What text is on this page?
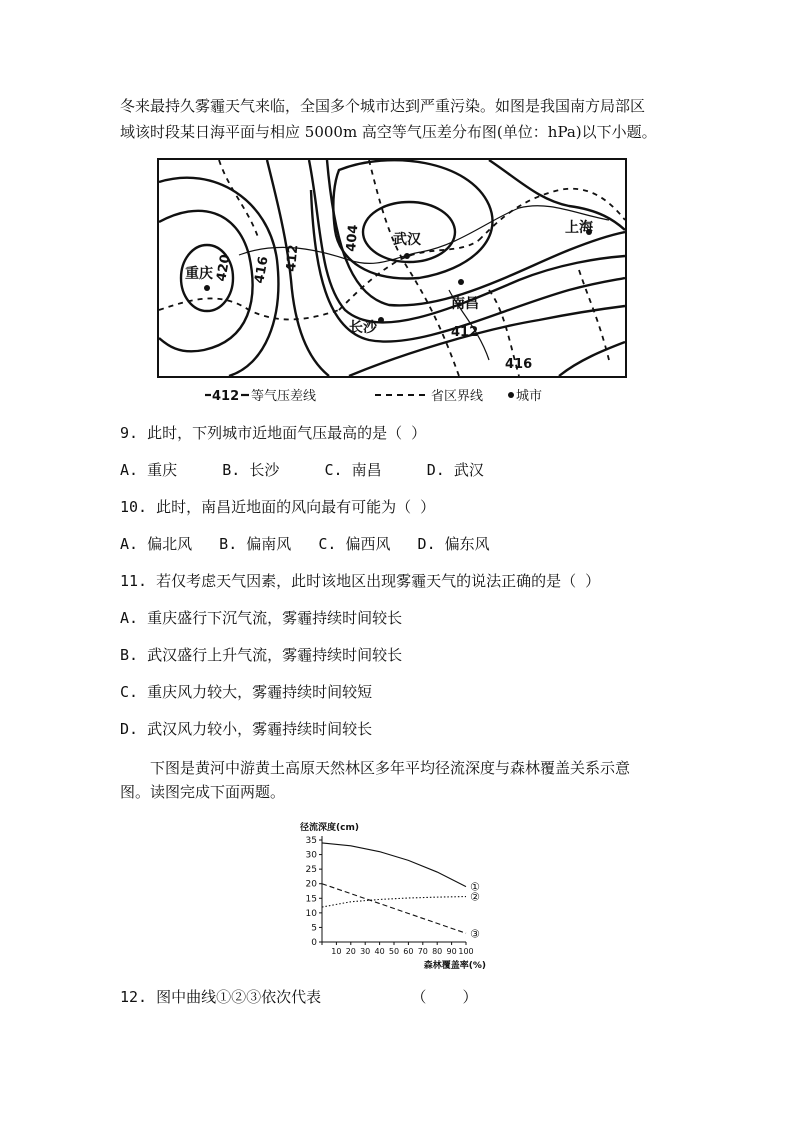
冬来最持久雾霾天气来临，全国多个城市达到严重污染。如图是我国南方局部区
域该时段某日海平面与相应 5000m 高空等气压差分布图(单位：hPa)以下小题。
重庆
武汉
长沙
南昌
上海
420 416 412
404
412
416
412 等气压差线	省区界线	城市
9. 此时，下列城市近地面气压最高的是（ ）
A. 重庆     B. 长沙     C. 南昌     D. 武汉
10. 此时，南昌近地面的风向最有可能为（ ）
A. 偏北风   B. 偏南风   C. 偏西风   D. 偏东风
11. 若仅考虑天气因素，此时该地区出现雾霾天气的说法正确的是（ ）
A. 重庆盛行下沉气流，雾霾持续时间较长
B. 武汉盛行上升气流，雾霾持续时间较长
C. 重庆风力较大，雾霾持续时间较短
D. 武汉风力较小，雾霾持续时间较长
下图是黄河中游黄土高原天然林区多年平均径流深度与森林覆盖关系示意
图。读图完成下面两题。
径流深度(cm)
森林覆盖率(%)
0
5
10
15
20
25
30
35
10 20 30 40 50 60 70 80 90 100
①
②
③
12. 图中曲线①②③依次代表          （    ）
